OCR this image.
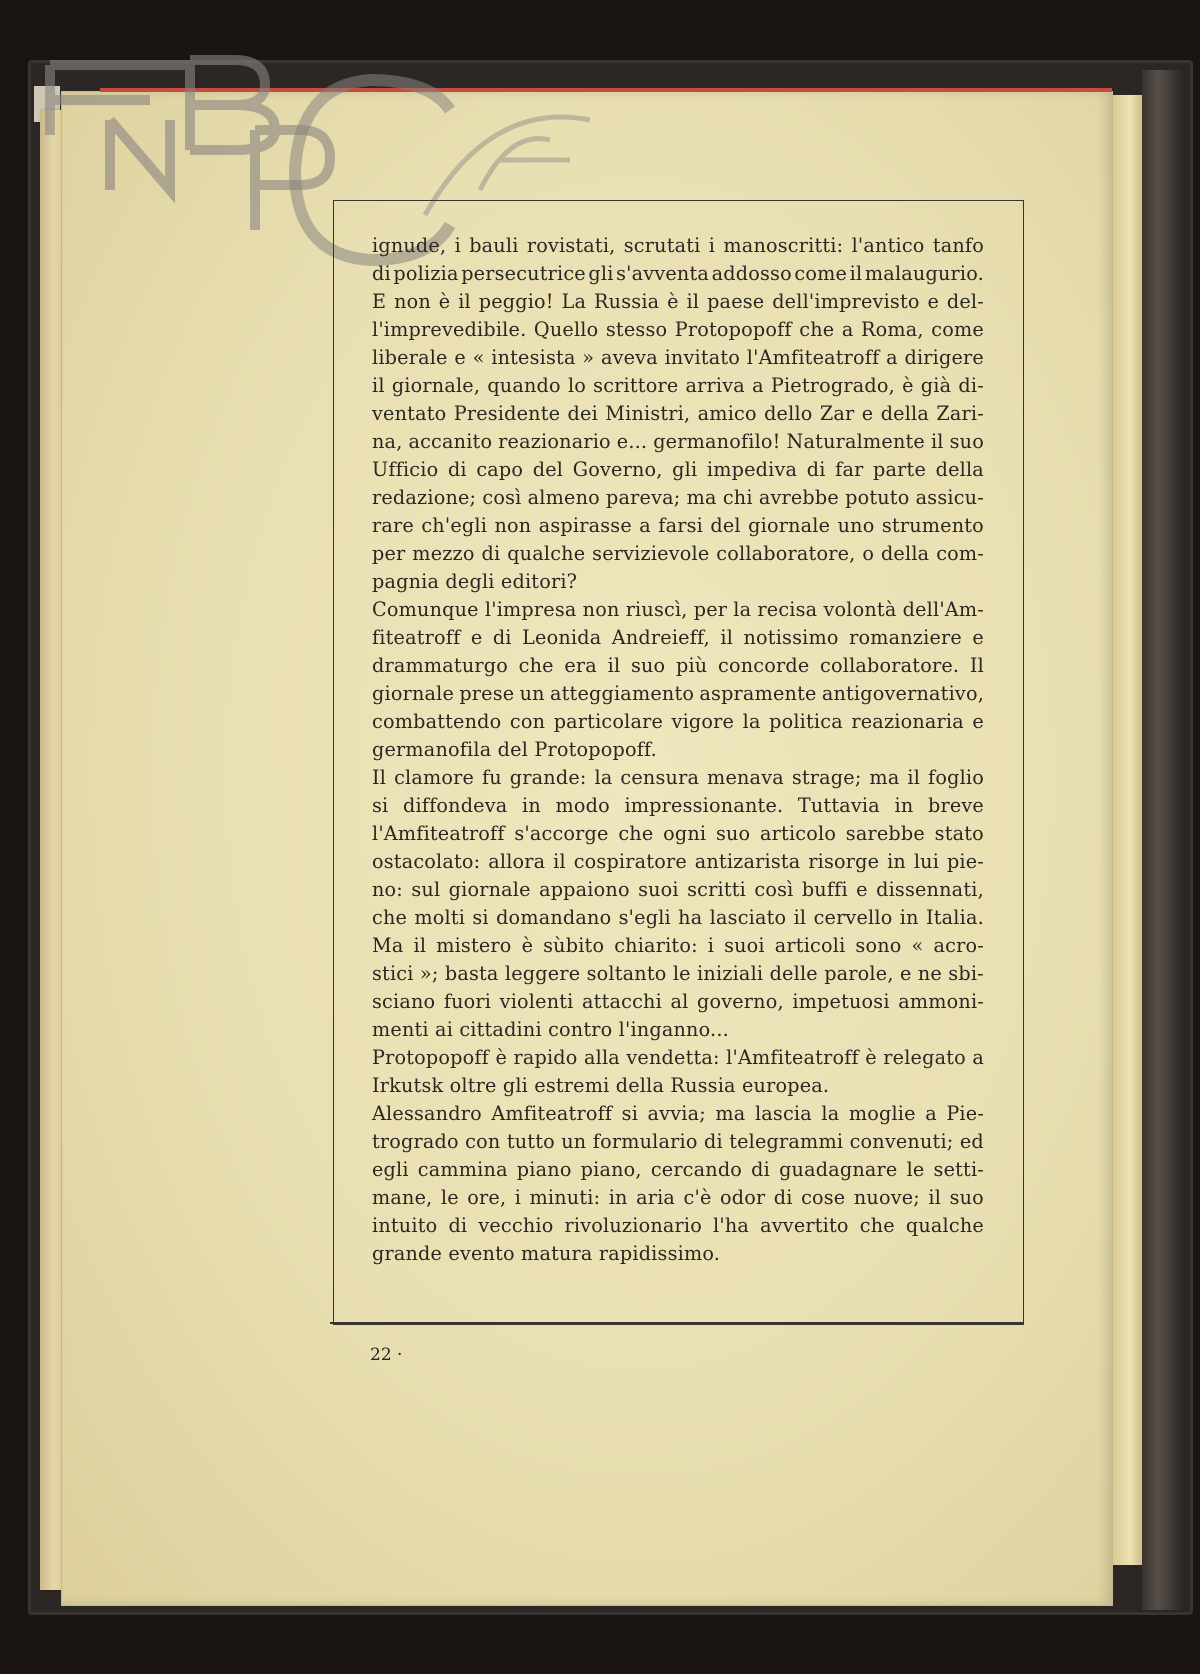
ignude, i bauli rovistati, scrutati i manoscritti: l'antico tanfo
di polizia persecutrice gli s'avventa addosso come il malaugurio.
E non è il peggio! La Russia è il paese dell'imprevisto e del-
l'imprevedibile. Quello stesso Protopopoff che a Roma, come
liberale e « intesista » aveva invitato l'Amfiteatroff a dirigere
il giornale, quando lo scrittore arriva a Pietrogrado, è già di-
ventato Presidente dei Ministri, amico dello Zar e della Zari-
na, accanito reazionario e... germanofilo! Naturalmente il suo
Ufficio di capo del Governo, gli impediva di far parte della
redazione; così almeno pareva; ma chi avrebbe potuto assicu-
rare ch'egli non aspirasse a farsi del giornale uno strumento
per mezzo di qualche servizievole collaboratore, o della com-
pagnia degli editori?
Comunque l'impresa non riuscì, per la recisa volontà dell'Am-
fiteatroff e di Leonida Andreieff, il notissimo romanziere e
drammaturgo che era il suo più concorde collaboratore. Il
giornale prese un atteggiamento aspramente antigovernativo,
combattendo con particolare vigore la politica reazionaria e
germanofila del Protopopoff.
Il clamore fu grande: la censura menava strage; ma il foglio
si diffondeva in modo impressionante. Tuttavia in breve
l'Amfiteatroff s'accorge che ogni suo articolo sarebbe stato
ostacolato: allora il cospiratore antizarista risorge in lui pie-
no: sul giornale appaiono suoi scritti così buffi e dissennati,
che molti si domandano s'egli ha lasciato il cervello in Italia.
Ma il mistero è sùbito chiarito: i suoi articoli sono « acro-
stici »; basta leggere soltanto le iniziali delle parole, e ne sbi-
sciano fuori violenti attacchi al governo, impetuosi ammoni-
menti ai cittadini contro l'inganno...
Protopopoff è rapido alla vendetta: l'Amfiteatroff è relegato a
Irkutsk oltre gli estremi della Russia europea.
Alessandro Amfiteatroff si avvia; ma lascia la moglie a Pie-
trogrado con tutto un formulario di telegrammi convenuti; ed
egli cammina piano piano, cercando di guadagnare le setti-
mane, le ore, i minuti: in aria c'è odor di cose nuove; il suo
intuito di vecchio rivoluzionario l'ha avvertito che qualche
grande evento matura rapidissimo.
22 ·
